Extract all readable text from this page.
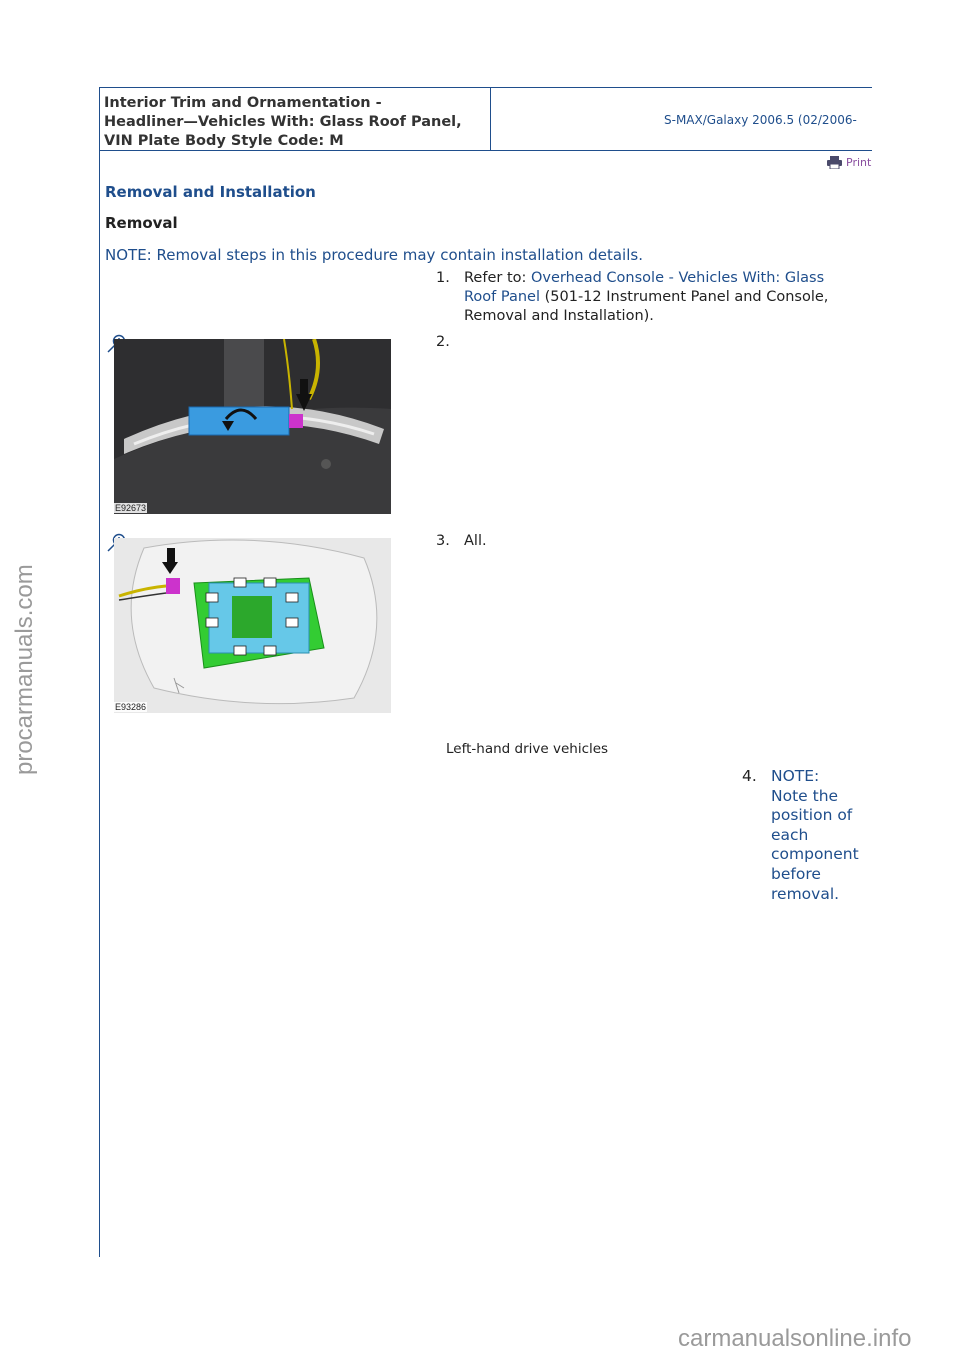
Interior Trim and Ornamentation -
Headliner—Vehicles With: Glass Roof Panel,
VIN Plate Body Style Code: M
S-MAX/Galaxy 2006.5 (02/2006-
Print
Removal and Installation
Removal
NOTE: Removal steps in this procedure may contain installation details.
1. Refer to: Overhead Console - Vehicles With: Glass
Roof Panel (501-12 Instrument Panel and Console,
Removal and Installation).
E92673
2.
E93286
3. All.
Left-hand drive vehicles
4. NOTE:
Note the
position of
each
component
before
removal.
procarmanuals.com
carmanualsonline.info
